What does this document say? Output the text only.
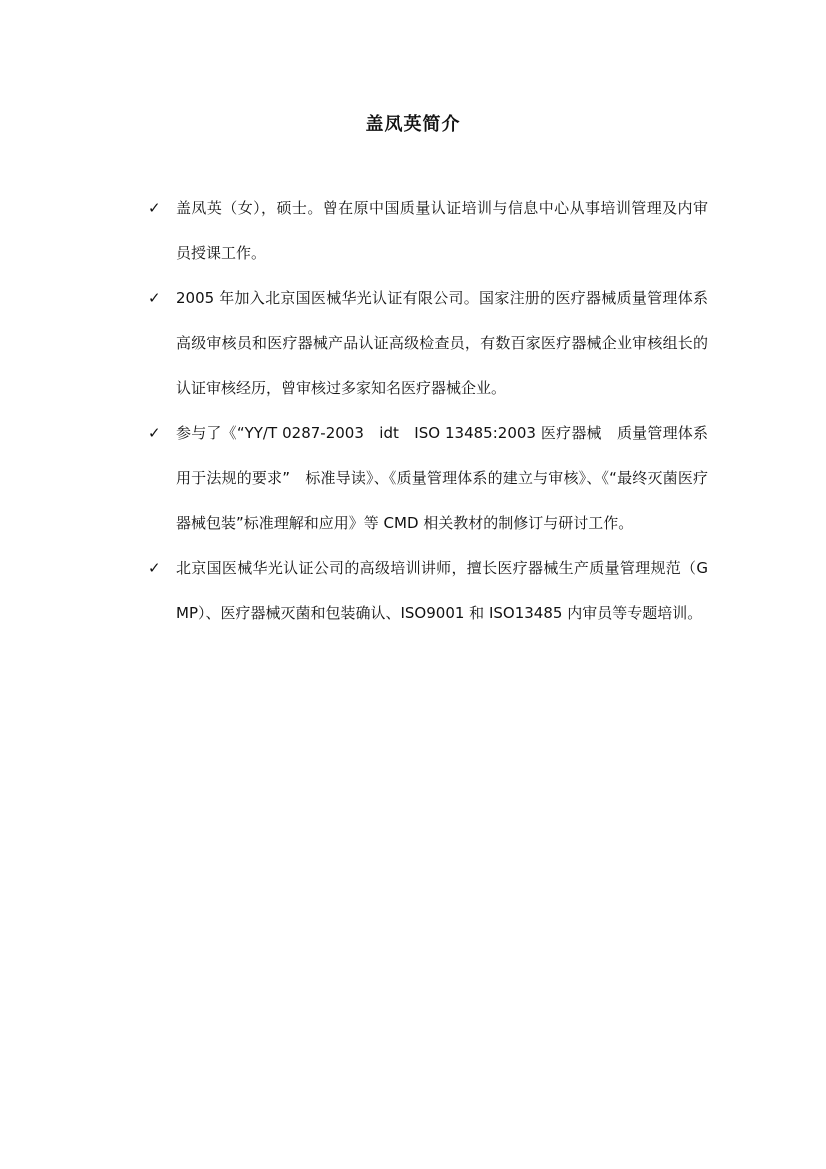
盖凤英简介
✓ 盖凤英（女），硕士。曾在原中国质量认证培训与信息中心从事培训管理及内审员授课工作。
✓ 2005 年加入北京国医械华光认证有限公司。国家注册的医疗器械质量管理体系高级审核员和医疗器械产品认证高级检查员，有数百家医疗器械企业审核组长的认证审核经历，曾审核过多家知名医疗器械企业。
✓ 参与了《“YY/T 0287-2003　idt　ISO 13485:2003 医疗器械　质量管理体系　用于法规的要求”　标准导读》、《质量管理体系的建立与审核》、《“最终灭菌医疗器械包装”标准理解和应用》等 CMD 相关教材的制修订与研讨工作。
✓ 北京国医械华光认证公司的高级培训讲师，擅长医疗器械生产质量管理规范（GMP）、医疗器械灭菌和包装确认、ISO9001 和 ISO13485 内审员等专题培训。
